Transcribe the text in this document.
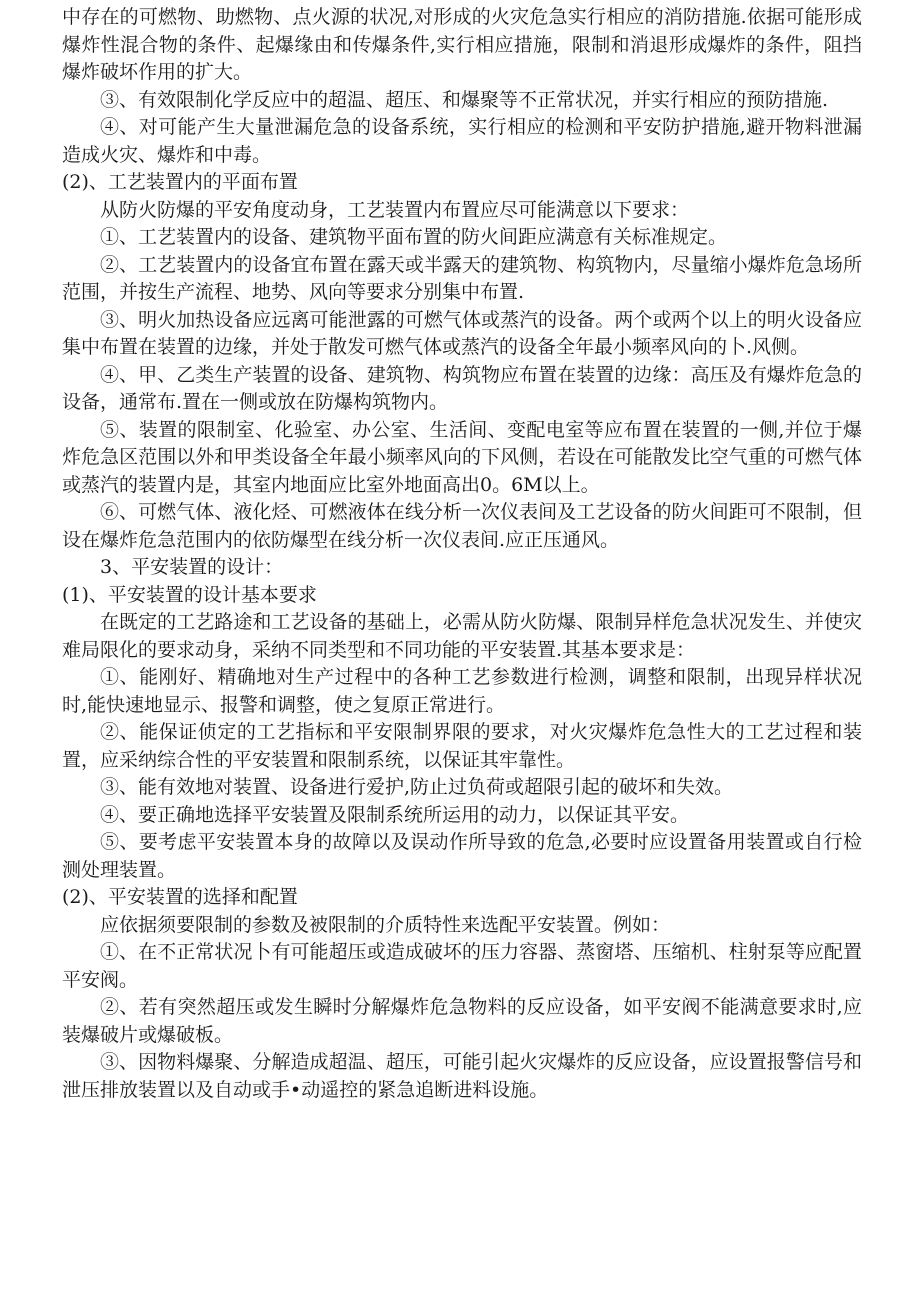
中存在的可燃物、助燃物、点火源的状况,对形成的火灾危急实行相应的消防措施.依据可能形成爆炸性混合物的条件、起爆缘由和传爆条件,实行相应措施，限制和消退形成爆炸的条件，阻挡爆炸破坏作用的扩大。

③、有效限制化学反应中的超温、超压、和爆聚等不正常状况，并实行相应的预防措施.

④、对可能产生大量泄漏危急的设备系统，实行相应的检测和平安防护措施,避开物料泄漏造成火灾、爆炸和中毒。

(2)、工艺装置内的平面布置

从防火防爆的平安角度动身，工艺装置内布置应尽可能满意以下要求：

①、工艺装置内的设备、建筑物平面布置的防火间距应满意有关标准规定。

②、工艺装置内的设备宜布置在露天或半露天的建筑物、构筑物内，尽量缩小爆炸危急场所范围，并按生产流程、地势、风向等要求分别集中布置.

③、明火加热设备应远离可能泄露的可燃气体或蒸汽的设备。两个或两个以上的明火设备应集中布置在装置的边缘，并处于散发可燃气体或蒸汽的设备全年最小频率风向的卜.风侧。

④、甲、乙类生产装置的设备、建筑物、构筑物应布置在装置的边缘：高压及有爆炸危急的设备，通常布.置在一侧或放在防爆构筑物内。

⑤、装置的限制室、化验室、办公室、生活间、变配电室等应布置在装置的一侧,并位于爆炸危急区范围以外和甲类设备全年最小频率风向的下风侧，若设在可能散发比空气重的可燃气体或蒸汽的装置内是，其室内地面应比室外地面高出0。6M以上。

⑥、可燃气体、液化烃、可燃液体在线分析一次仪表间及工艺设备的防火间距可不限制，但设在爆炸危急范围内的依防爆型在线分析一次仪表间.应正压通风。

3、平安装置的设计：

(1)、平安装置的设计基本要求

在既定的工艺路途和工艺设备的基础上，必需从防火防爆、限制异样危急状况发生、并使灾难局限化的要求动身，采纳不同类型和不同功能的平安装置.其基本要求是：

①、能刚好、精确地对生产过程中的各种工艺参数进行检测，调整和限制，出现异样状况时,能快速地显示、报警和调整，使之复原正常进行。

②、能保证侦定的工艺指标和平安限制界限的要求，对火灾爆炸危急性大的工艺过程和装置，应采纳综合性的平安装置和限制系统，以保证其牢靠性。

③、能有效地对装置、设备进行爱护,防止过负荷或超限引起的破坏和失效。

④、要正确地选择平安装置及限制系统所运用的动力，以保证其平安。

⑤、要考虑平安装置本身的故障以及误动作所导致的危急,必要时应设置备用装置或自行检测处理装置。

(2)、平安装置的选择和配置

应依据须要限制的参数及被限制的介质特性来选配平安装置。例如：

①、在不正常状况卜有可能超压或造成破坏的压力容器、蒸窗塔、压缩机、柱射泵等应配置平安阀。

②、若有突然超压或发生瞬时分解爆炸危急物料的反应设备，如平安阀不能满意要求时,应装爆破片或爆破板。

③、因物料爆聚、分解造成超温、超压，可能引起火灾爆炸的反应设备，应设置报警信号和泄压排放装置以及自动或手•动遥控的紧急追断进料设施。
